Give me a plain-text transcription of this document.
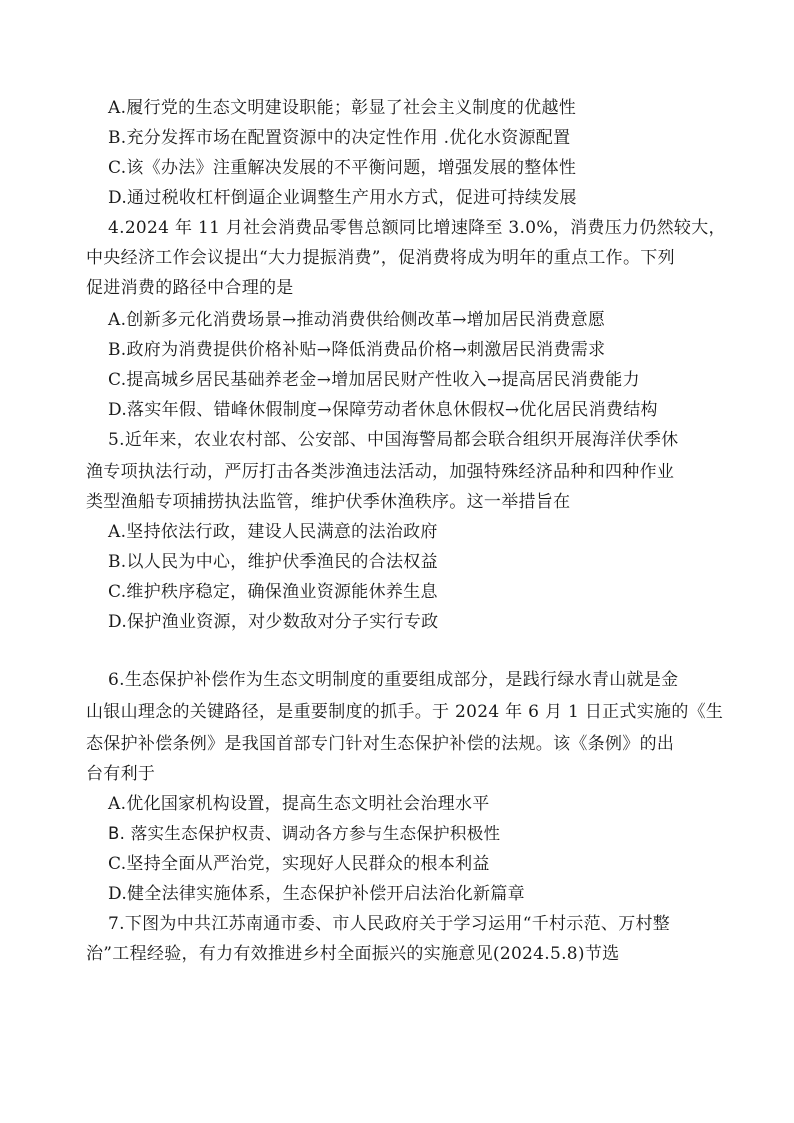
A.履行党的生态文明建设职能；彰显了社会主义制度的优越性
B.充分发挥市场在配置资源中的决定性作用 .优化水资源配置
C.该《办法》注重解决发展的不平衡问题，增强发展的整体性
D.通过税收杠杆倒逼企业调整生产用水方式，促进可持续发展
4.2024 年 11 月社会消费品零售总额同比增速降至 3.0%，消费压力仍然较大，
中央经济工作会议提出“大力提振消费”，促消费将成为明年的重点工作。下列
促进消费的路径中合理的是
A.创新多元化消费场景→推动消费供给侧改革→增加居民消费意愿
B.政府为消费提供价格补贴→降低消费品价格→刺激居民消费需求
C.提高城乡居民基础养老金→增加居民财产性收入→提高居民消费能力
D.落实年假、错峰休假制度→保障劳动者休息休假权→优化居民消费结构
5.近年来，农业农村部、公安部、中国海警局都会联合组织开展海洋伏季休
渔专项执法行动，严厉打击各类涉渔违法活动，加强特殊经济品种和四种作业
类型渔船专项捕捞执法监管，维护伏季休渔秩序。这一举措旨在
A.坚持依法行政，建设人民满意的法治政府
B.以人民为中心，维护伏季渔民的合法权益
C.维护秩序稳定，确保渔业资源能休养生息
D.保护渔业资源，对少数敌对分子实行专政
6.生态保护补偿作为生态文明制度的重要组成部分，是践行绿水青山就是金
山银山理念的关键路径，是重要制度的抓手。于 2024 年 6 月 1 日正式实施的《生
态保护补偿条例》是我国首部专门针对生态保护补偿的法规。该《条例》的出
台有利于
A.优化国家机构设置，提高生态文明社会治理水平
B. 落实生态保护权责、调动各方参与生态保护积极性
C.坚持全面从严治党，实现好人民群众的根本利益
D.健全法律实施体系，生态保护补偿开启法治化新篇章
7.下图为中共江苏南通市委、市人民政府关于学习运用“千村示范、万村整
治”工程经验，有力有效推进乡村全面振兴的实施意见(2024.5.8)节选
